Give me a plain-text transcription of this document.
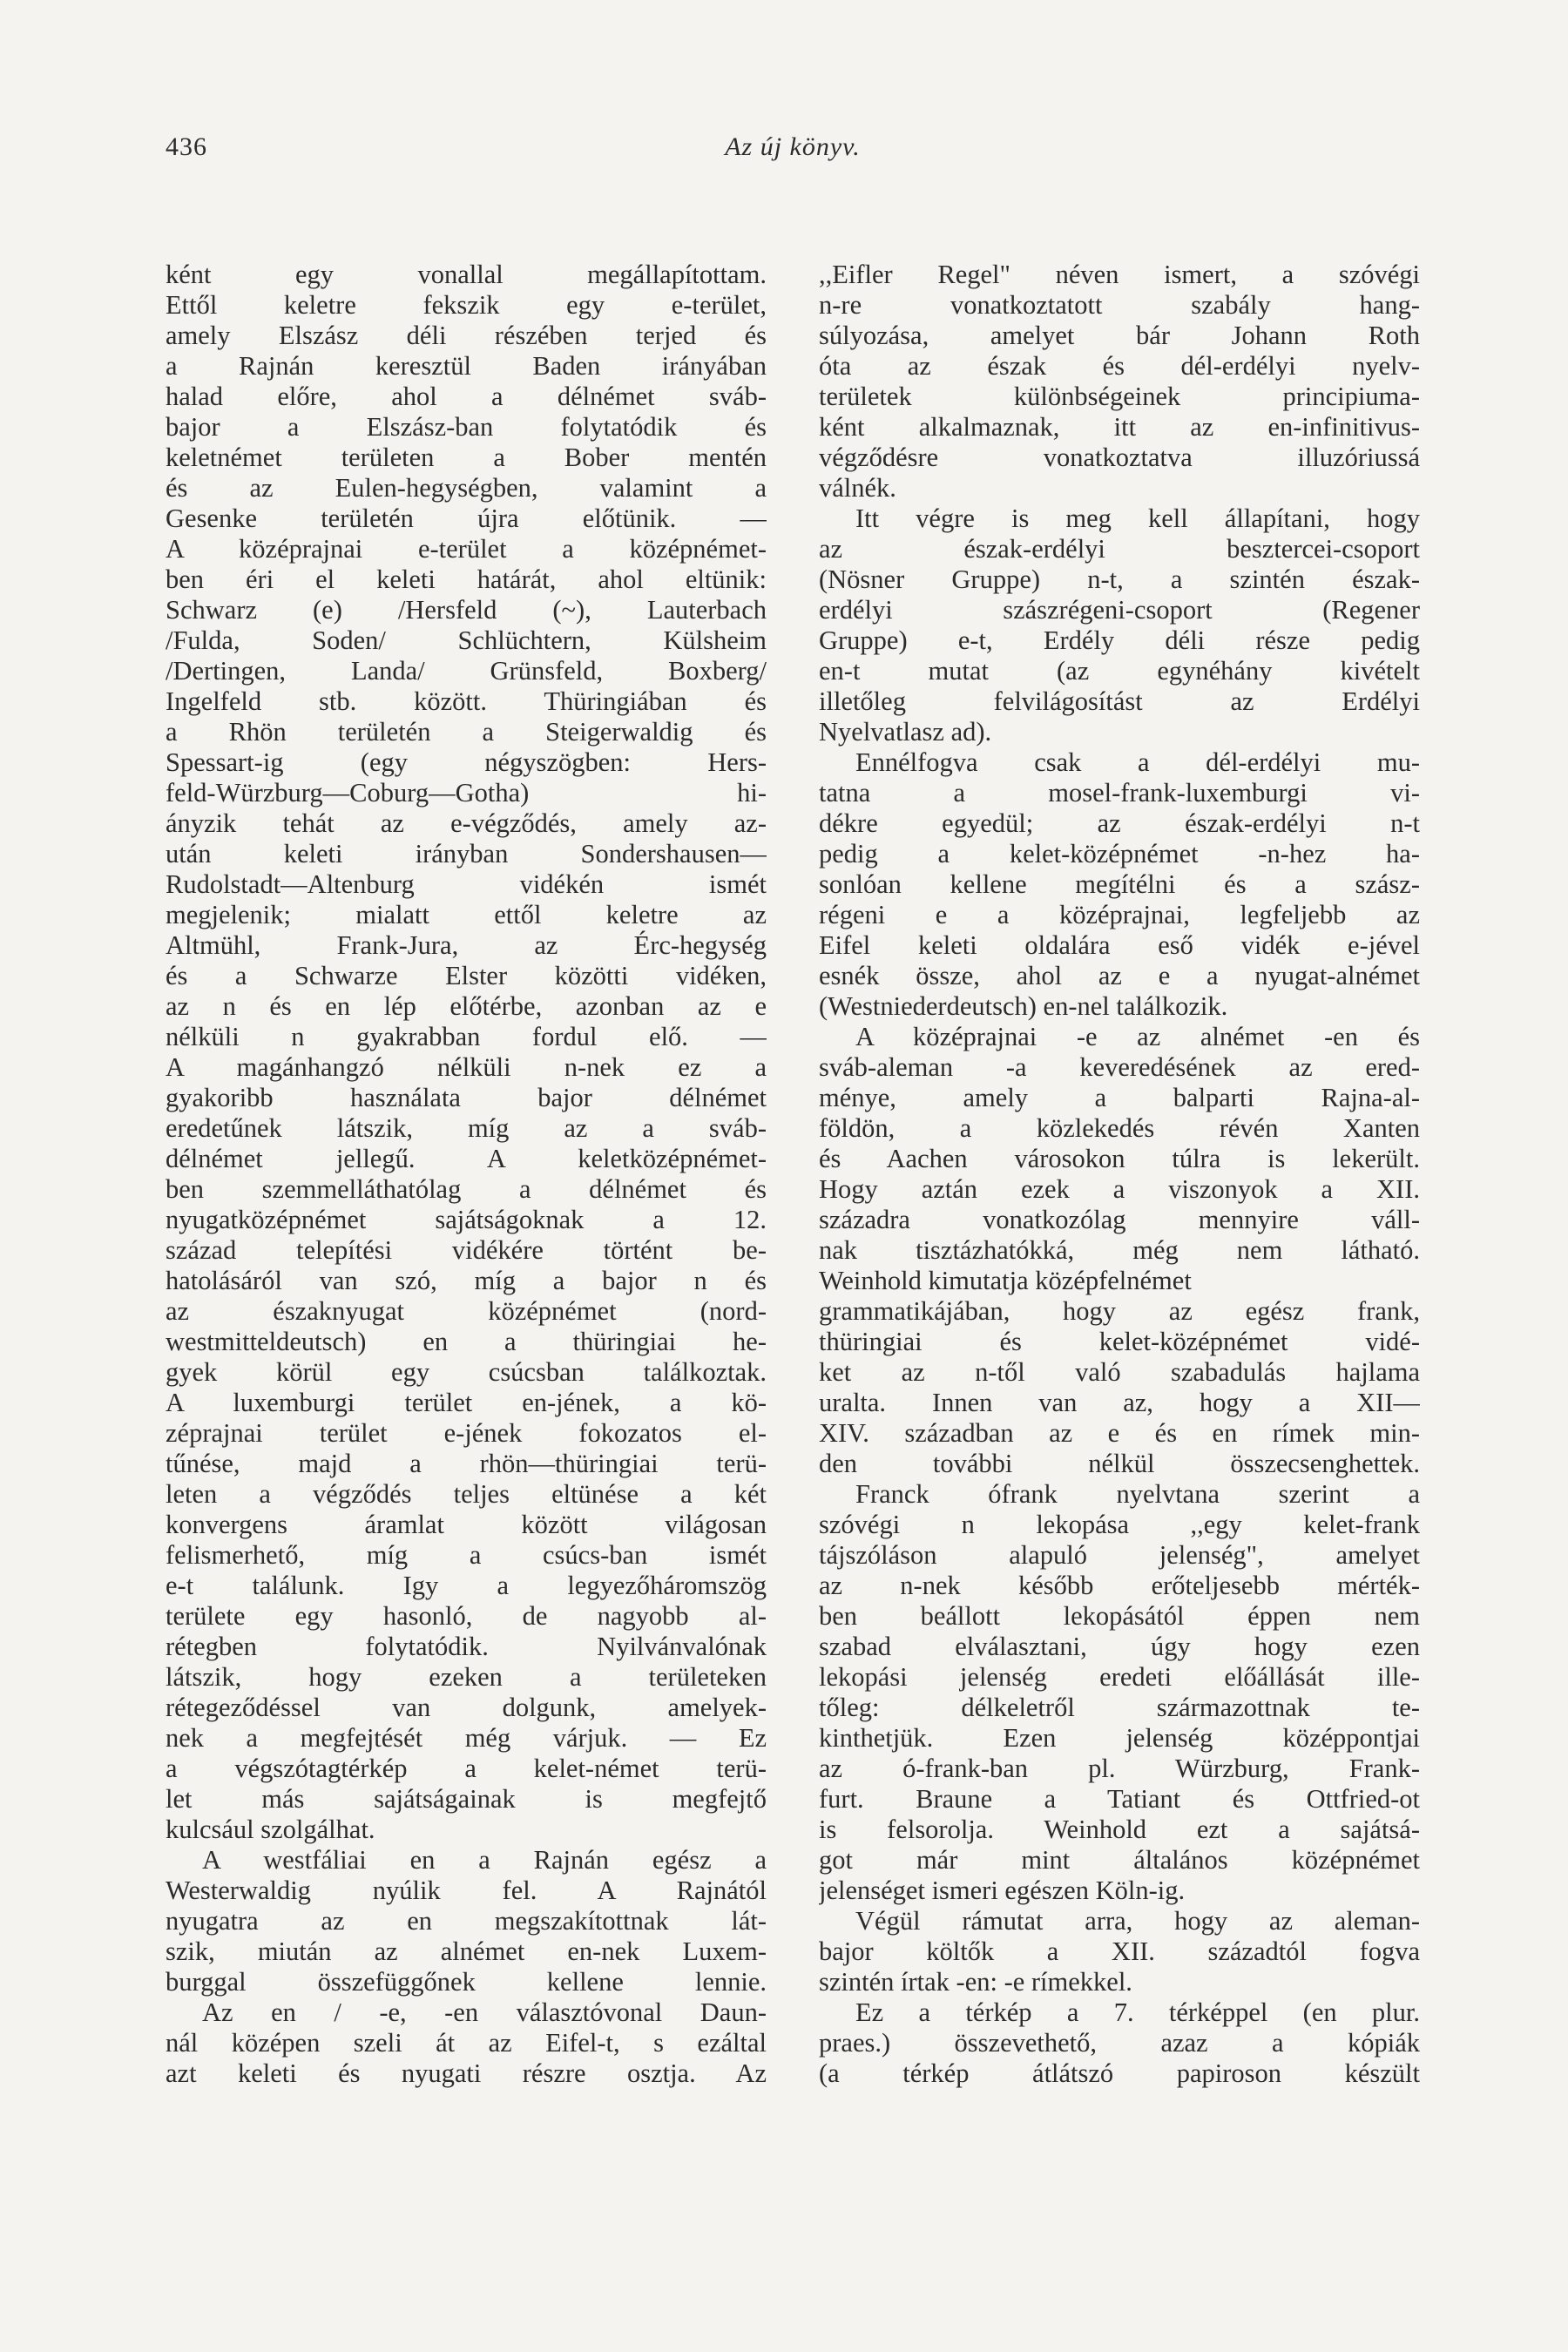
436	Az új könyv.
ként egy vonallal megállapítottam.
Ettől keletre fekszik egy e-terület,
amely Elszász déli részében terjed és
a Rajnán keresztül Baden irányában
halad előre, ahol a délnémet sváb-
bajor a Elszász-ban folytatódik és
keletnémet területen a Bober mentén
és az Eulen-hegységben, valamint a
Gesenke területén újra előtünik. —
A középrajnai e-terület a középnémet-
ben éri el keleti határát, ahol eltünik:
Schwarz (e) /Hersfeld (~), Lauterbach
/Fulda, Soden/ Schlüchtern, Külsheim
/Dertingen, Landa/ Grünsfeld, Boxberg/
Ingelfeld stb. között. Thüringiában és
a Rhön területén a Steigerwaldig és
Spessart-ig (egy négyszögben: Hers-
feld-Würzburg—Coburg—Gotha) hi-
ányzik tehát az e-végződés, amely az-
után keleti irányban Sondershausen—
Rudolstadt—Altenburg vidékén ismét
megjelenik; mialatt ettől keletre az
Altmühl, Frank-Jura, az Érc-hegység
és a Schwarze Elster közötti vidéken,
az n és en lép előtérbe, azonban az e
nélküli n gyakrabban fordul elő. —
A magánhangzó nélküli n-nek ez a
gyakoribb használata bajor délnémet
eredetűnek látszik, míg az a sváb-
délnémet jellegű. A keletközépnémet-
ben szemmelláthatólag a délnémet és
nyugatközépnémet sajátságoknak a 12.
század telepítési vidékére történt be-
hatolásáról van szó, míg a bajor n és
az északnyugat középnémet (nord-
westmitteldeutsch) en a thüringiai he-
gyek körül egy csúcsban találkoztak.
A luxemburgi terület en-jének, a kö-
zéprajnai terület e-jének fokozatos el-
tűnése, majd a rhön—thüringiai terü-
leten a végződés teljes eltünése a két
konvergens áramlat között világosan
felismerhető, míg a csúcs-ban ismét
e-t találunk. Igy a legyezőháromszög
területe egy hasonló, de nagyobb al-
rétegben folytatódik. Nyilvánvalónak
látszik, hogy ezeken a területeken
rétegeződéssel van dolgunk, amelyek-
nek a megfejtését még várjuk. — Ez
a végszótagtérkép a kelet-német terü-
let más sajátságainak is megfejtő
kulcsául szolgálhat.
A westfáliai en a Rajnán egész a
Westerwaldig nyúlik fel. A Rajnától
nyugatra az en megszakítottnak lát-
szik, miután az alnémet en-nek Luxem-
burggal összefüggőnek kellene lennie.
Az en / -e, -en választóvonal Daun-
nál középen szeli át az Eifel-t, s ezáltal
azt keleti és nyugati részre osztja. Az
,,Eifler Regel" néven ismert, a szóvégi
n-re vonatkoztatott szabály hang-
súlyozása, amelyet bár Johann Roth
óta az észak és dél-erdélyi nyelv-
területek különbségeinek principiuma-
ként alkalmaznak, itt az en-infinitivus-
végződésre vonatkoztatva illuzóriussá
válnék.
Itt végre is meg kell állapítani, hogy
az észak-erdélyi besztercei-csoport
(Nösner Gruppe) n-t, a szintén észak-
erdélyi szászrégeni-csoport (Regener
Gruppe) e-t, Erdély déli része pedig
en-t mutat (az egynéhány kivételt
illetőleg felvilágosítást az Erdélyi
Nyelvatlasz ad).
Ennélfogva csak a dél-erdélyi mu-
tatna a mosel-frank-luxemburgi vi-
dékre egyedül; az észak-erdélyi n-t
pedig a kelet-középnémet -n-hez ha-
sonlóan kellene megítélni és a szász-
régeni e a középrajnai, legfeljebb az
Eifel keleti oldalára eső vidék e-jével
esnék össze, ahol az e a nyugat-alnémet
(Westniederdeutsch) en-nel találkozik.
A középrajnai -e az alnémet -en és
sváb-aleman -a keveredésének az ered-
ménye, amely a balparti Rajna-al-
földön, a közlekedés révén Xanten
és Aachen városokon túlra is lekerült.
Hogy aztán ezek a viszonyok a XII.
századra vonatkozólag mennyire váll-
nak tisztázhatókká, még nem látható.
Weinhold kimutatja középfelnémet
grammatikájában, hogy az egész frank,
thüringiai és kelet-középnémet vidé-
ket az n-től való szabadulás hajlama
uralta. Innen van az, hogy a XII—
XIV. században az e és en rímek min-
den további nélkül összecsenghettek.
Franck ófrank nyelvtana szerint a
szóvégi n lekopása ,,egy kelet-frank
tájszóláson alapuló jelenség", amelyet
az n-nek később erőteljesebb mérték-
ben beállott lekopásától éppen nem
szabad elválasztani, úgy hogy ezen
lekopási jelenség eredeti előállását ille-
tőleg: délkeletről származottnak te-
kinthetjük. Ezen jelenség középpontjai
az ó-frank-ban pl. Würzburg, Frank-
furt. Braune a Tatiant és Ottfried-ot
is felsorolja. Weinhold ezt a sajátsá-
got már mint általános középnémet
jelenséget ismeri egészen Köln-ig.
Végül rámutat arra, hogy az aleman-
bajor költők a XII. századtól fogva
szintén írtak -en: -e rímekkel.
Ez a térkép a 7. térképpel (en plur.
praes.) összevethető, azaz a kópiák
(a térkép átlátszó papiroson készült
